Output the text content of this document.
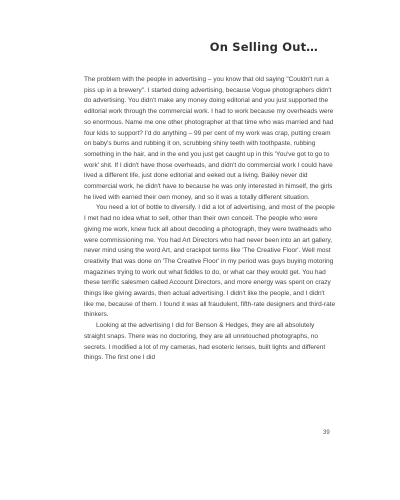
On Selling Out…

The problem with the people in advertising – you know that old saying "Couldn't run a piss up in a brewery". I started doing advertising, because Vogue photographers didn't do advertising. You didn't make any money doing editorial and you just supported the editorial work through the commercial work. I had to work because my overheads were so enormous. Name me one other photographer at that time who was married and had four kids to support? I'd do anything – 99 per cent of my work was crap, putting cream on baby's bums and rubbing it on, scrubbing shiny teeth with toothpaste, rubbing something in the hair, and in the end you just get caught up in this 'You've got to go to work' shit. If I didn't have those overheads, and didn't do commercial work I could have lived a different life, just done editorial and eeked out a living. Bailey never did commercial work, he didn't have to because he was only interested in himself, the girls he lived with earned their own money, and so it was a totally different situation.

You need a lot of bottle to diversify. I did a lot of advertising, and most of the people I met had no idea what to sell, other than their own conceit. The people who were giving me work, knew fuck all about decoding a photograph, they were twatheads who were commissioning me. You had Art Directors who had never been into an art gallery, never mind using the word Art, and crackpot terms like 'The Creative Floor'. Well most creativity that was done on 'The Creative Floor' in my period was guys buying motoring magazines trying to work out what fiddles to do, or what car they would get. You had these terrific salesmen called Account Directors, and more energy was spent on crazy things like giving awards, then actual advertising. I didn't like the people, and I didn't like me, because of them. I found it was all fraudulent, fifth-rate designers and third-rate thinkers.

Looking at the advertising I did for Benson & Hedges, they are all absolutely straight snaps. There was no doctoring, they are all unretouched photographs, no secrets. I modified a lot of my cameras, had esoteric lenses, built lights and different things. The first one I did

39
